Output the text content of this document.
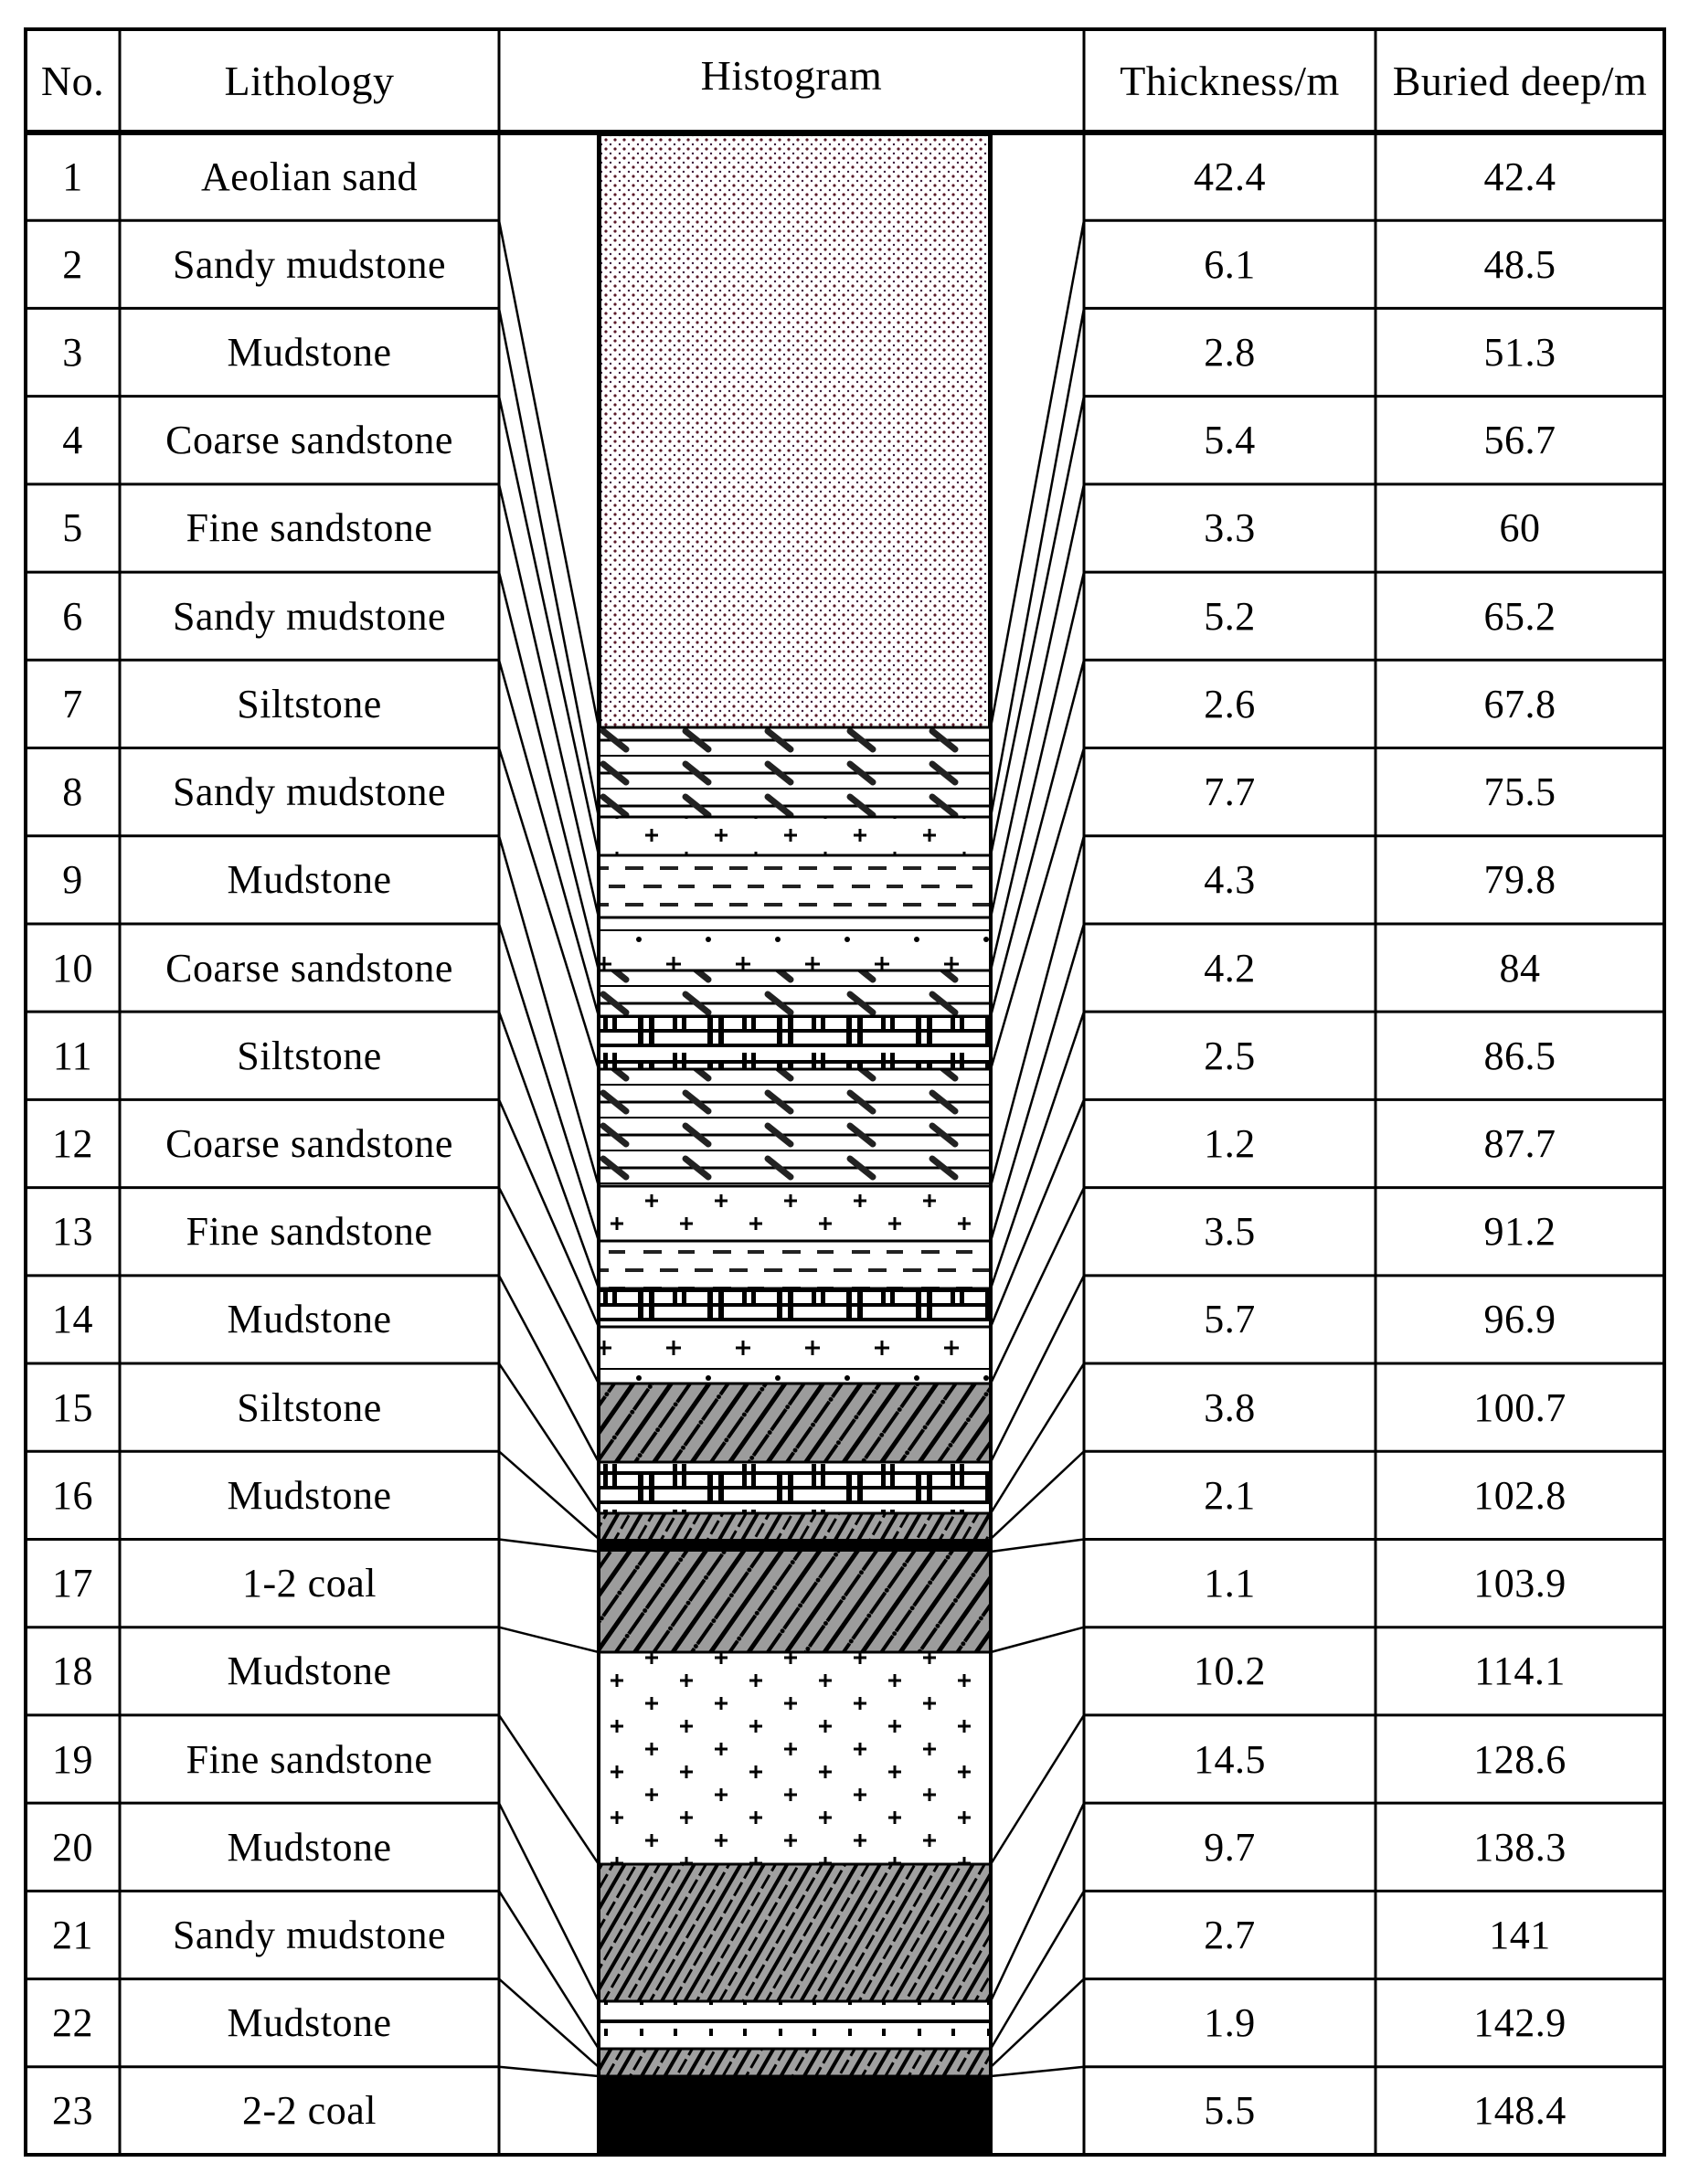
No.	Lithology	Histogram	Thickness/m	Buried deep/m
1	Aeolian sand	42.4	42.4
2	Sandy mudstone	6.1	48.5
3	Mudstone	2.8	51.3
4	Coarse sandstone	5.4	56.7
5	Fine sandstone	3.3	60
6	Sandy mudstone	5.2	65.2
7	Siltstone	2.6	67.8
8	Sandy mudstone	7.7	75.5
9	Mudstone	4.3	79.8
10	Coarse sandstone	4.2	84
11	Siltstone	2.5	86.5
12	Coarse sandstone	1.2	87.7
13	Fine sandstone	3.5	91.2
14	Mudstone	5.7	96.9
15	Siltstone	3.8	100.7
16	Mudstone	2.1	102.8
17	1-2 coal	1.1	103.9
18	Mudstone	10.2	114.1
19	Fine sandstone	14.5	128.6
20	Mudstone	9.7	138.3
21	Sandy mudstone	2.7	141
22	Mudstone	1.9	142.9
23	2-2 coal	5.5	148.4
